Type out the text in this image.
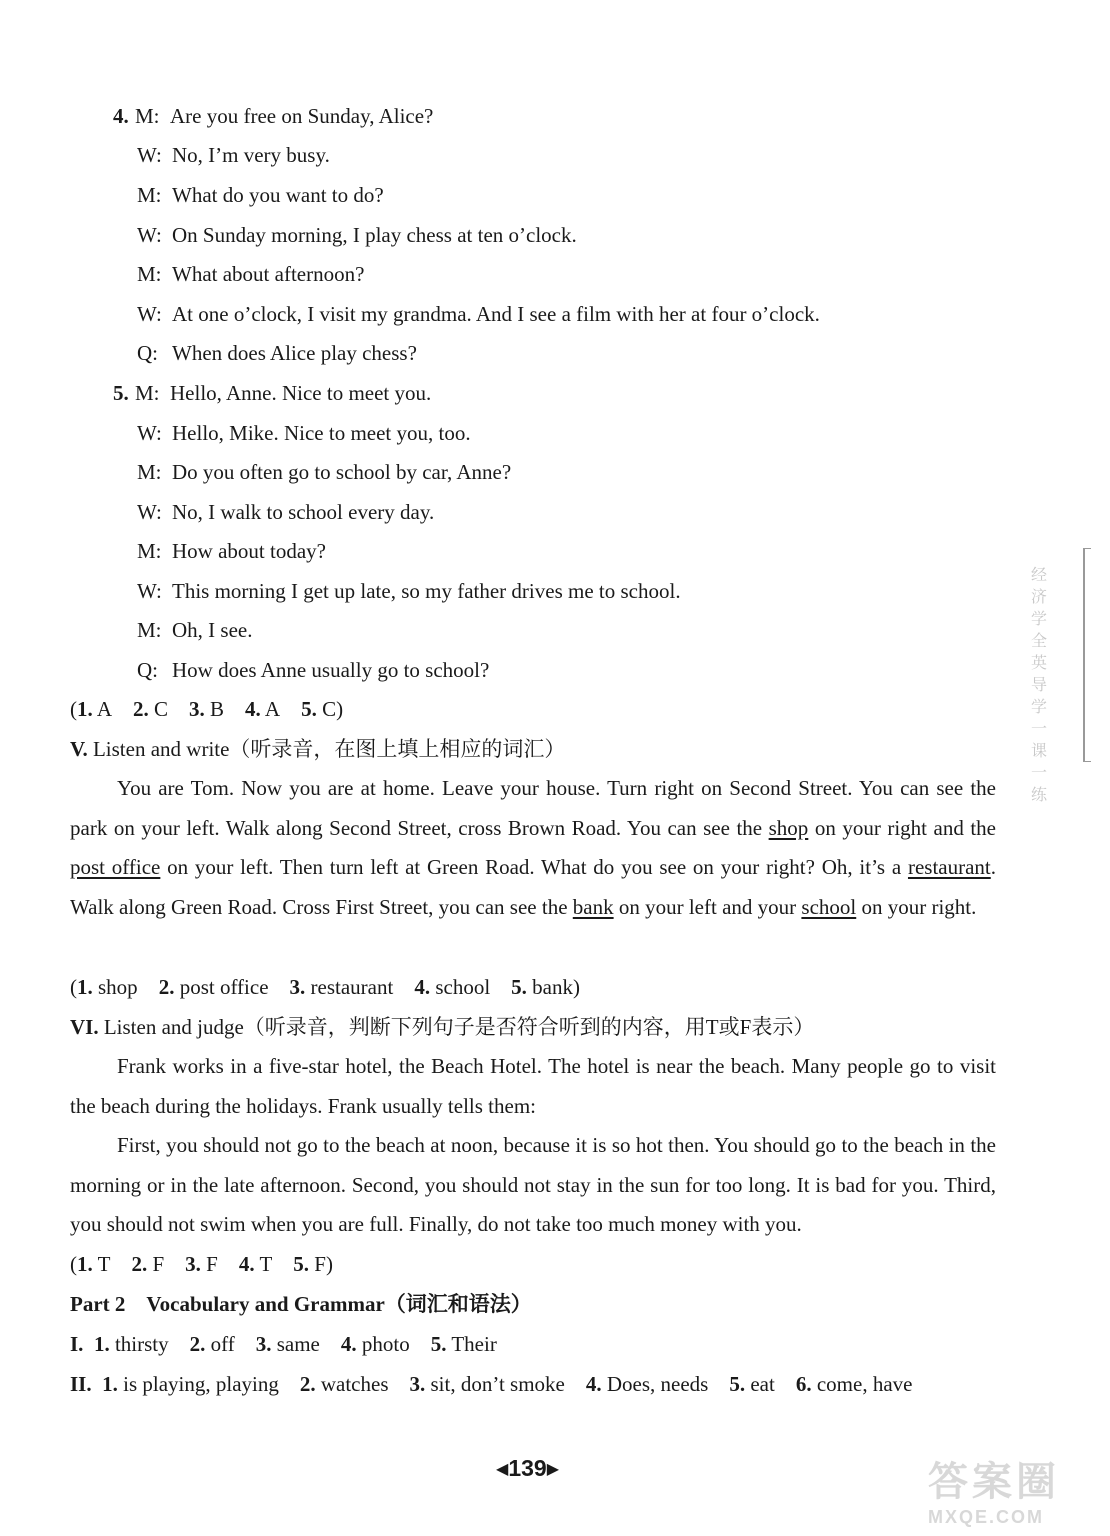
4. M: Are you free on Sunday, Alice?
W: No, I’m very busy.
M: What do you want to do?
W: On Sunday morning, I play chess at ten o’clock.
M: What about afternoon?
W: At one o’clock, I visit my grandma. And I see a film with her at four o’clock.
Q: When does Alice play chess?
5. M: Hello, Anne. Nice to meet you.
W: Hello, Mike. Nice to meet you, too.
M: Do you often go to school by car, Anne?
W: No, I walk to school every day.
M: How about today?
W: This morning I get up late, so my father drives me to school.
M: Oh, I see.
Q: How does Anne usually go to school?
(1. A 2. C 3. B 4. A 5. C)
V. Listen and write（听录音，在图上填上相应的词汇）
You are Tom. Now you are at home. Leave your house. Turn right on Second Street. You can see the park on your left. Walk along Second Street, cross Brown Road. You can see the shop on your right and the post office on your left. Then turn left at Green Road. What do you see on your right? Oh, it’s a restaurant. Walk along Green Road. Cross First Street, you can see the bank on your left and your school on your right.
(1. shop 2. post office 3. restaurant 4. school 5. bank)
VI. Listen and judge（听录音，判断下列句子是否符合听到的内容，用T或F表示）
Frank works in a five-star hotel, the Beach Hotel. The hotel is near the beach. Many people go to visit the beach during the holidays. Frank usually tells them:
First, you should not go to the beach at noon, because it is so hot then. You should go to the beach in the morning or in the late afternoon. Second, you should not stay in the sun for too long. It is bad for you. Third, you should not swim when you are full. Finally, do not take too much money with you.
(1. T 2. F 3. F 4. T 5. F)
Part 2 Vocabulary and Grammar（词汇和语法）
I. 1. thirsty 2. off 3. same 4. photo 5. Their
II. 1. is playing, playing 2. watches 3. sit, don’t smoke 4. Does, needs 5. eat 6. come, have
◀139▶
经济学全英导学一课一练
答案圈
MXQE.COM
